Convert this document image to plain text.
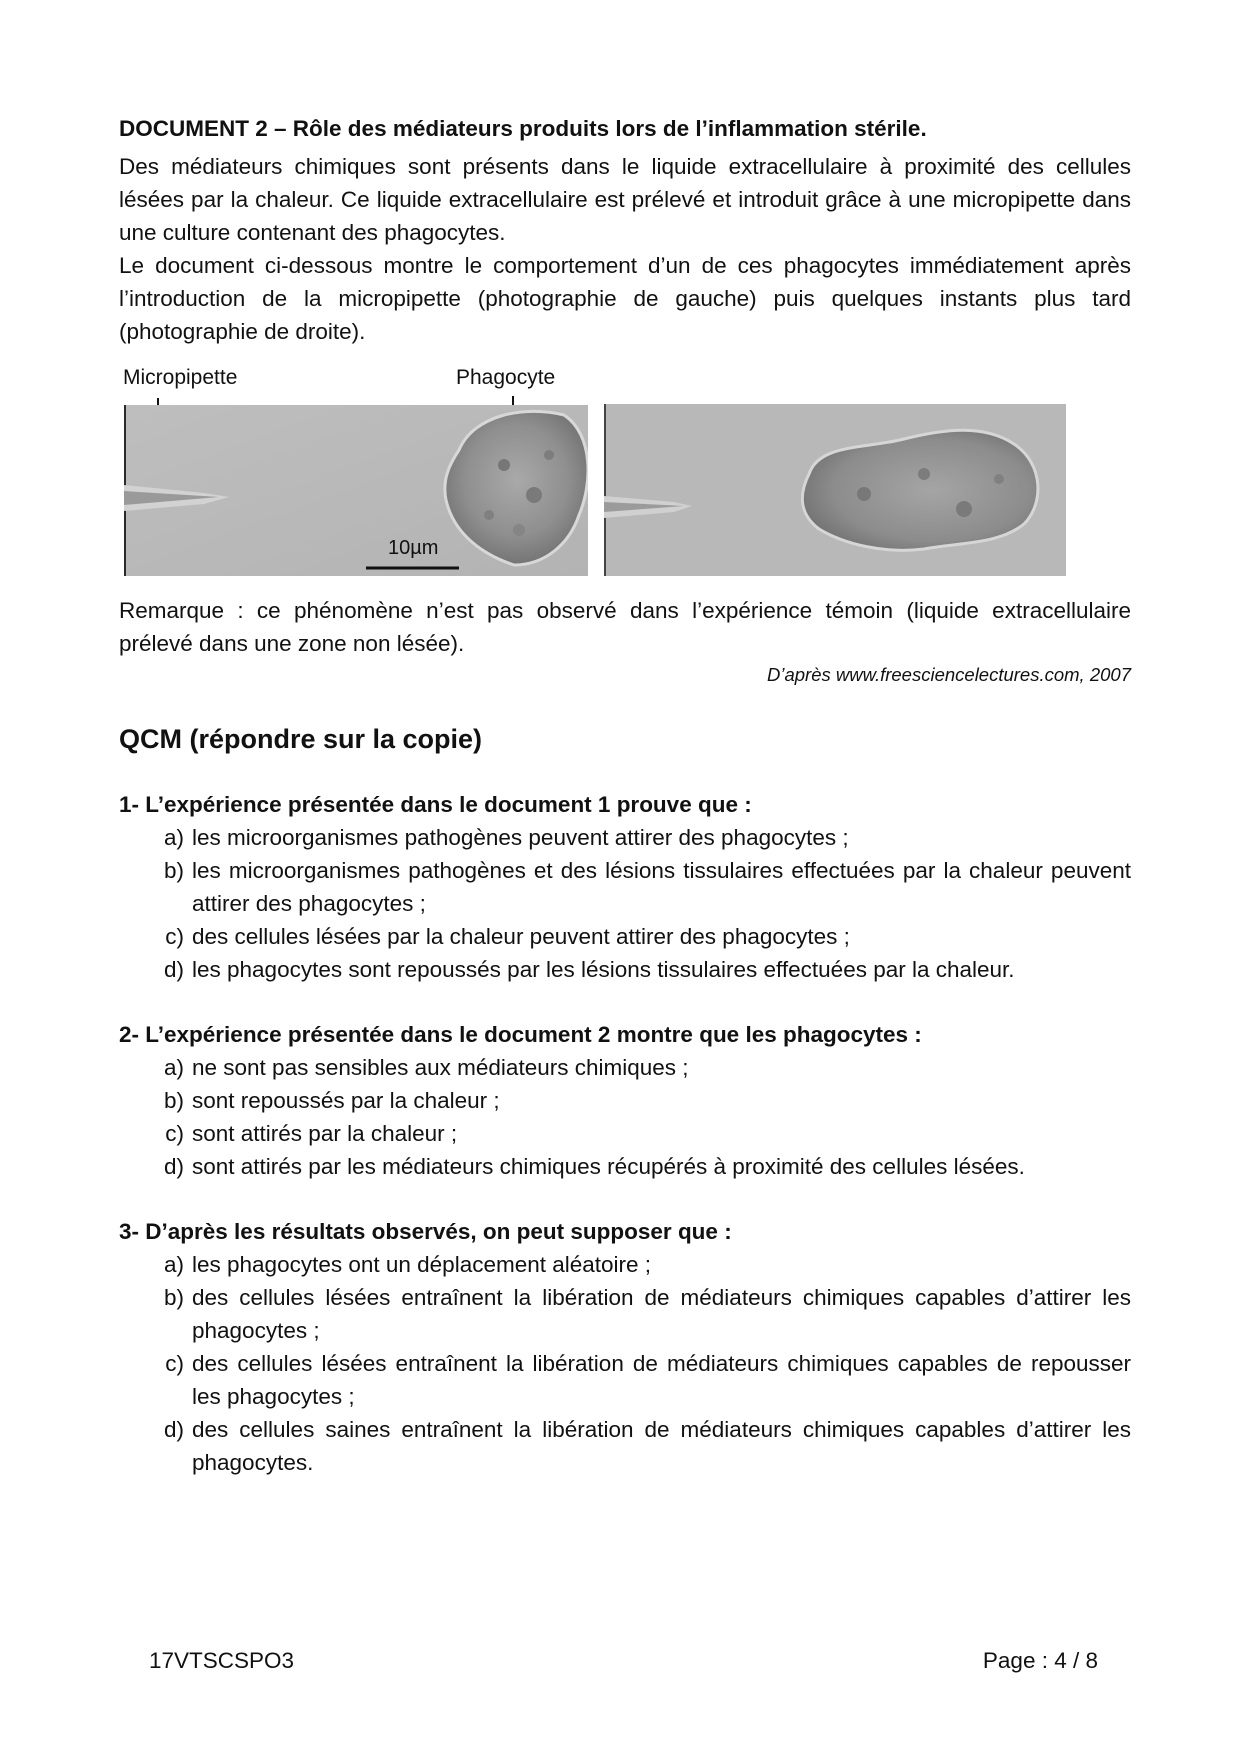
DOCUMENT 2 – Rôle des médiateurs produits lors de l’inflammation stérile.

Des médiateurs chimiques sont présents dans le liquide extracellulaire à proximité des cellules lésées par la chaleur. Ce liquide extracellulaire est prélevé et introduit grâce à une micropipette dans une culture contenant des phagocytes.

Le document ci-dessous montre le comportement d’un de ces phagocytes immédiatement après l’introduction de la micropipette (photographie de gauche) puis quelques instants plus tard (photographie de droite).

Micropipette	Phagocyte
10µm
Remarque : ce phénomène n’est pas observé dans l’expérience témoin (liquide extracellulaire prélevé dans une zone non lésée).
D’après www.freesciencelectures.com, 2007
QCM (répondre sur la copie)

1- L’expérience présentée dans le document 1 prouve que :

a) les microorganismes pathogènes peuvent attirer des phagocytes ;
b) les microorganismes pathogènes et des lésions tissulaires effectuées par la chaleur peuvent attirer des phagocytes ;
c) des cellules lésées par la chaleur peuvent attirer des phagocytes ;
d) les phagocytes sont repoussés par les lésions tissulaires effectuées par la chaleur.

2- L’expérience présentée dans le document 2 montre que les phagocytes :

a) ne sont pas sensibles aux médiateurs chimiques ;
b) sont repoussés par la chaleur ;
c) sont attirés par la chaleur ;
d) sont attirés par les médiateurs chimiques récupérés à proximité des cellules lésées.

3- D’après les résultats observés, on peut supposer que :

a) les phagocytes ont un déplacement aléatoire ;
b) des cellules lésées entraînent la libération de médiateurs chimiques capables d’attirer les phagocytes ;
c) des cellules lésées entraînent la libération de médiateurs chimiques capables de repousser les phagocytes ;
d) des cellules saines entraînent la libération de médiateurs chimiques capables d’attirer les phagocytes.
17VTSCSPO3	Page : 4 / 8
